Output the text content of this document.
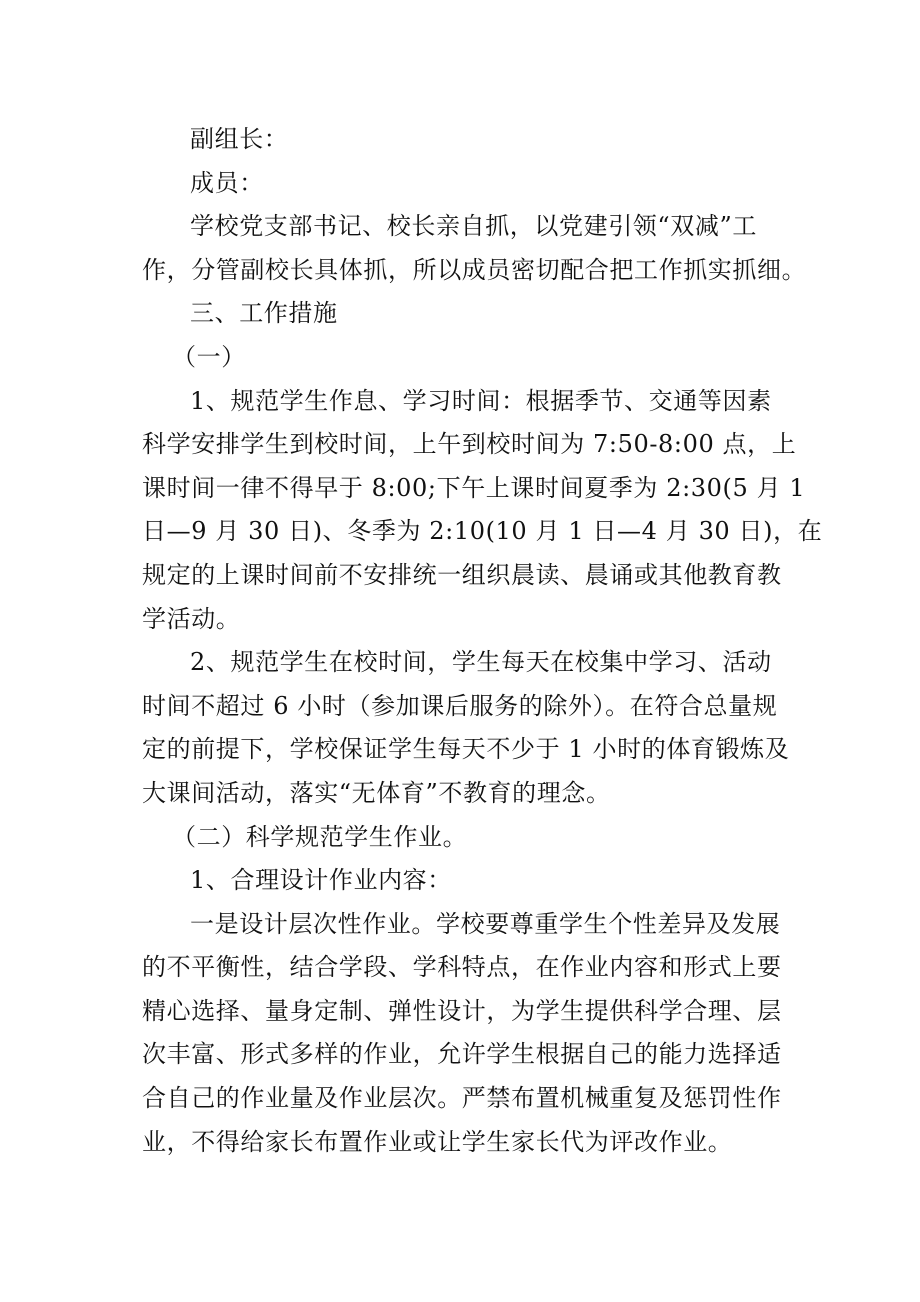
副组长：
成员：
学校党支部书记、校长亲自抓，以党建引领“双减”工
作，分管副校长具体抓，所以成员密切配合把工作抓实抓细。
三、工作措施
（一）
1、规范学生作息、学习时间：根据季节、交通等因素
科学安排学生到校时间，上午到校时间为 7:50-8:00 点，上
课时间一律不得早于 8:00;下午上课时间夏季为 2:30(5 月 1
日—9 月 30 日)、冬季为 2:10(10 月 1 日—4 月 30 日)，在
规定的上课时间前不安排统一组织晨读、晨诵或其他教育教
学活动。
2、规范学生在校时间，学生每天在校集中学习、活动
时间不超过 6 小时（参加课后服务的除外）。在符合总量规
定的前提下，学校保证学生每天不少于 1 小时的体育锻炼及
大课间活动，落实“无体育”不教育的理念。
（二）科学规范学生作业。
1、合理设计作业内容：
一是设计层次性作业。学校要尊重学生个性差异及发展
的不平衡性，结合学段、学科特点，在作业内容和形式上要
精心选择、量身定制、弹性设计，为学生提供科学合理、层
次丰富、形式多样的作业，允许学生根据自己的能力选择适
合自己的作业量及作业层次。严禁布置机械重复及惩罚性作
业，不得给家长布置作业或让学生家长代为评改作业。
